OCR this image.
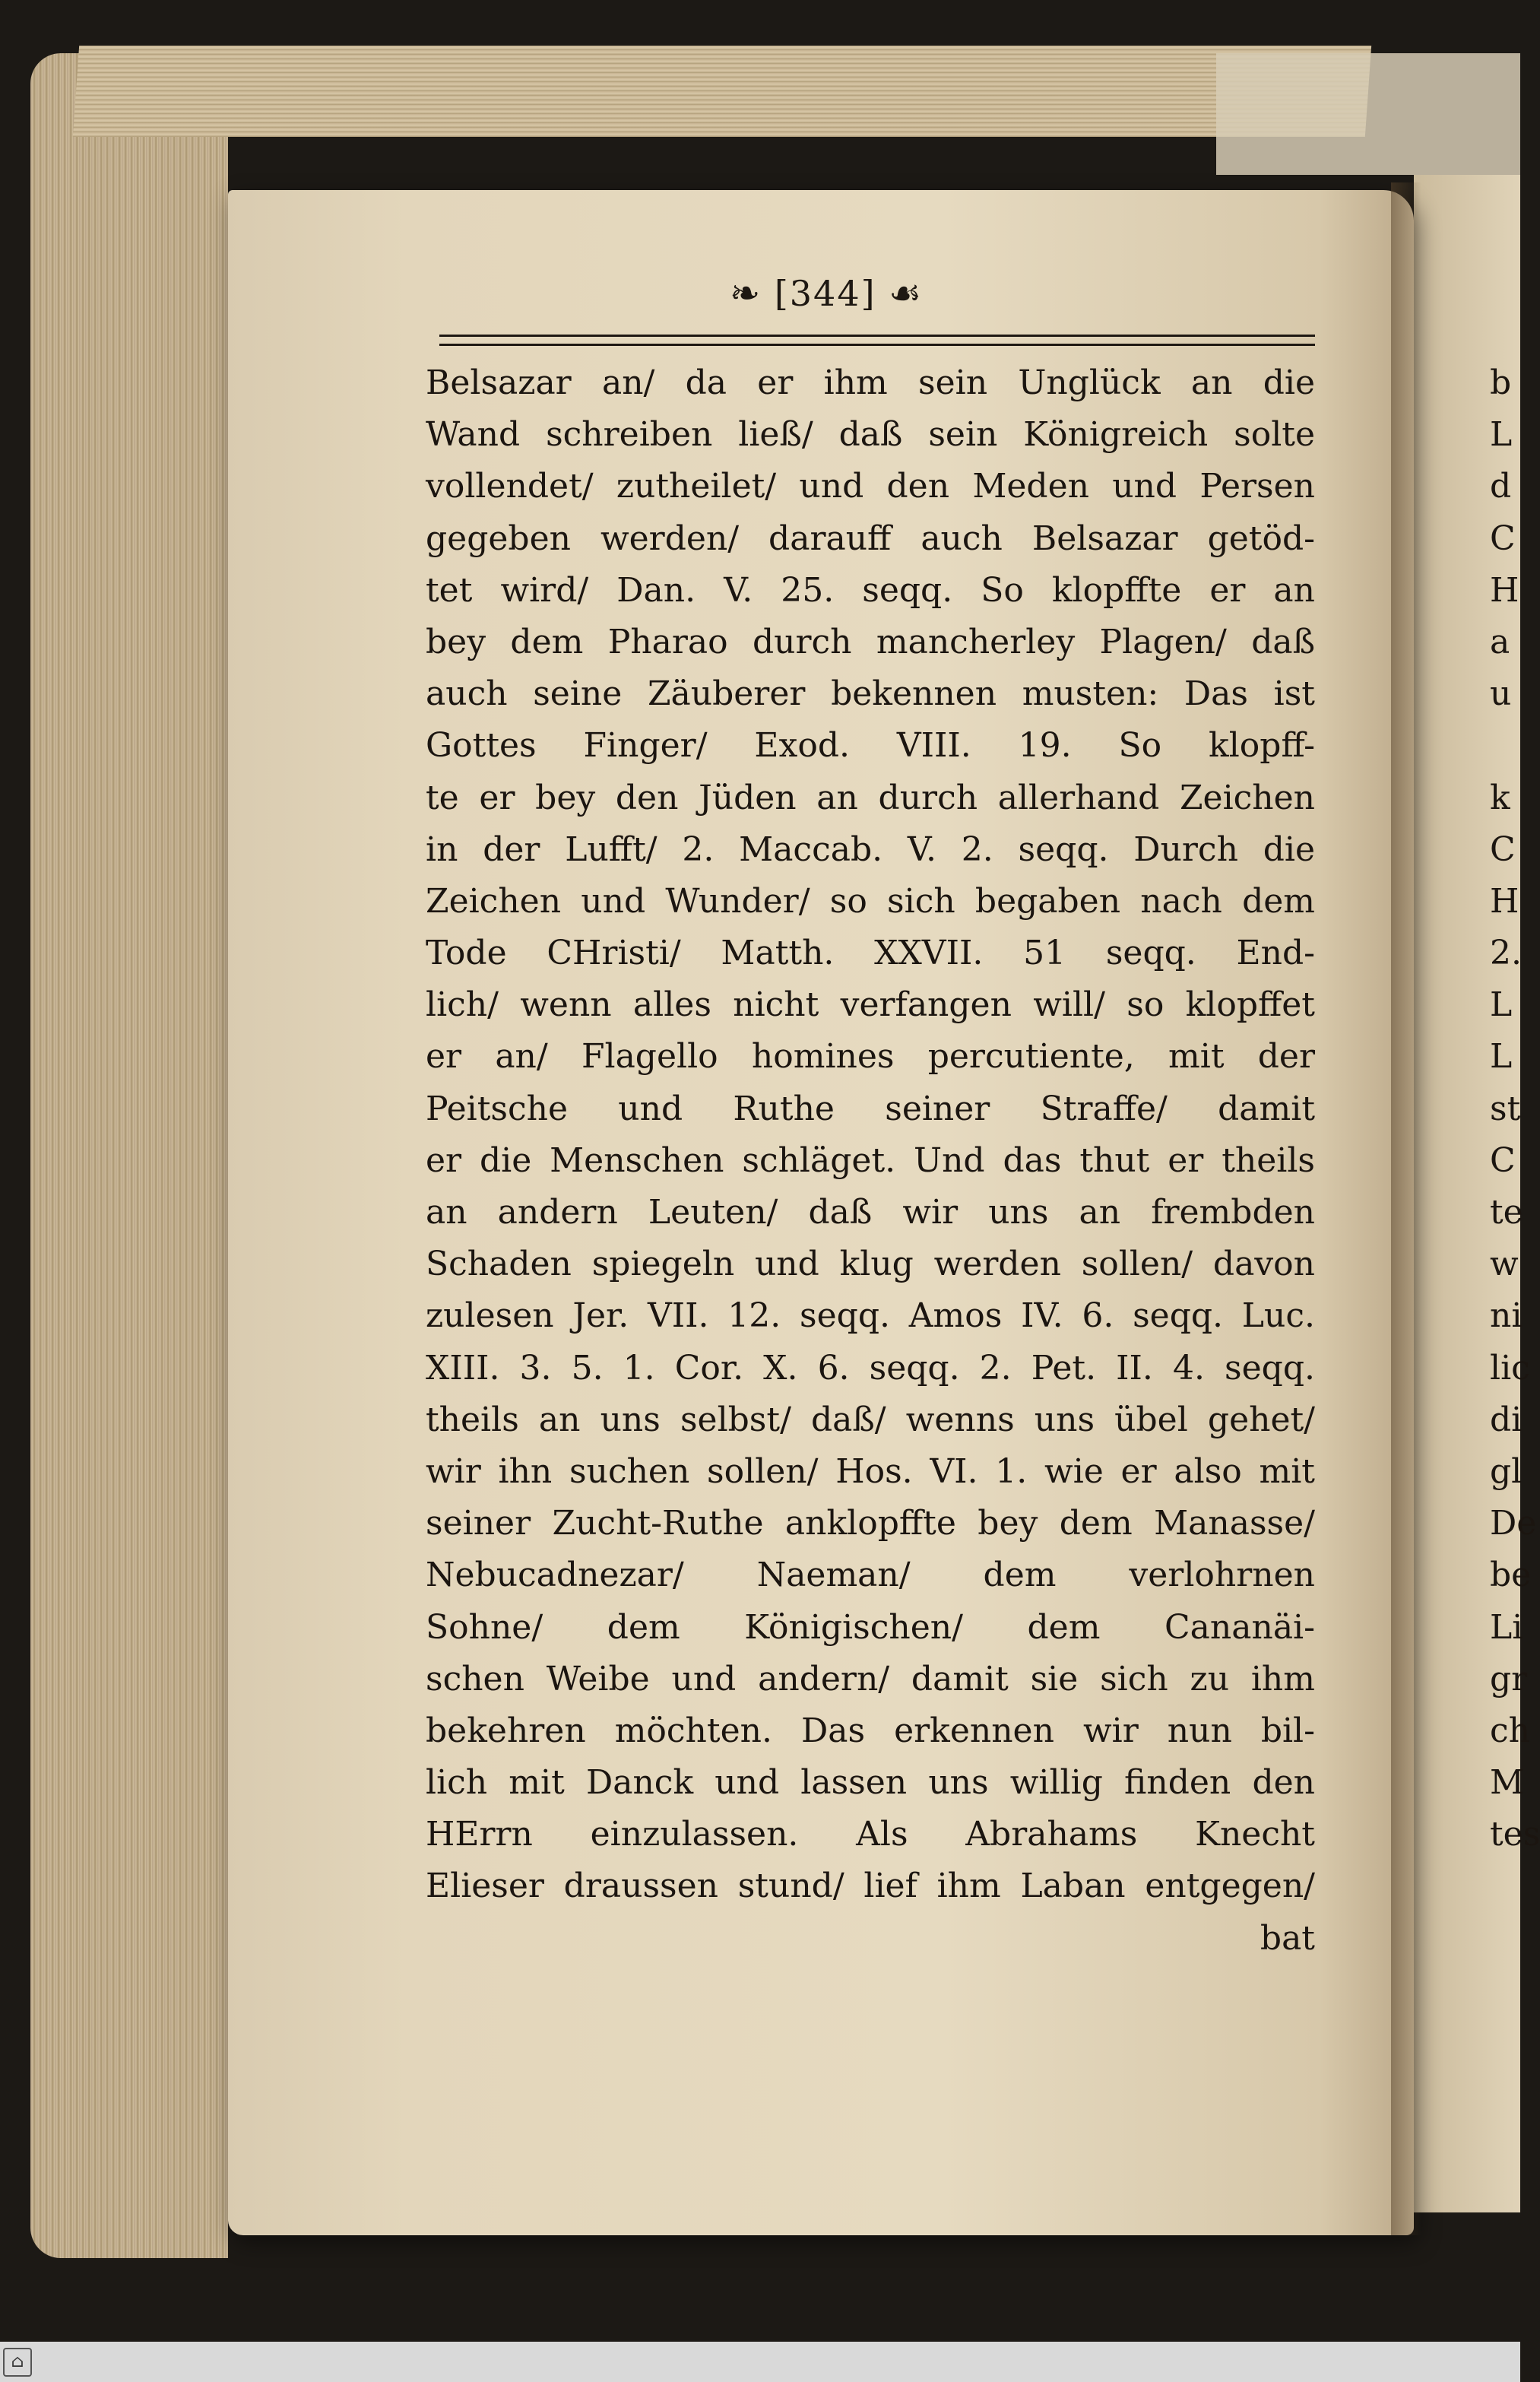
❧ [344] ☙
Belsazar an/ da er ihm sein Unglück an die
Wand schreiben ließ/ daß sein Königreich solte
vollendet/ zutheilet/ und den Meden und Persen
gegeben werden/ darauff auch Belsazar getöd-
tet wird/ Dan. V. 25. seqq. So klopffte er an
bey dem Pharao durch mancherley Plagen/ daß
auch seine Zäuberer bekennen musten: Das ist
Gottes Finger/ Exod. VIII. 19. So klopff-
te er bey den Jüden an durch allerhand Zeichen
in der Lufft/ 2. Maccab. V. 2. seqq. Durch die
Zeichen und Wunder/ so sich begaben nach dem
Tode CHristi/ Matth. XXVII. 51 seqq. End-
lich/ wenn alles nicht verfangen will/ so klopffet
er an/ Flagello homines percutiente, mit der
Peitsche und Ruthe seiner Straffe/ damit
er die Menschen schläget. Und das thut er theils
an andern Leuten/ daß wir uns an frembden
Schaden spiegeln und klug werden sollen/ davon
zulesen Jer. VII. 12. seqq. Amos IV. 6. seqq. Luc.
XIII. 3. 5. 1. Cor. X. 6. seqq. 2. Pet. II. 4. seqq.
theils an uns selbst/ daß/ wenns uns übel gehet/
wir ihn suchen sollen/ Hos. VI. 1. wie er also mit
seiner Zucht-Ruthe anklopffte bey dem Manasse/
Nebucadnezar/ Naeman/ dem verlohrnen
Sohne/ dem Königischen/ dem Cananäi-
schen Weibe und andern/ damit sie sich zu ihm
bekehren möchten. Das erkennen wir nun bil-
lich mit Danck und lassen uns willig finden den
HErrn einzulassen. Als Abrahams Knecht
Elieser draussen stund/ lief ihm Laban entgegen/
bat
b
L
d
C
H
a
u
k
C
H
2.
L
L
st
C
te
w
ni
lic
di
gl
De
be
Li
gr
ch
M
tes
⌂
